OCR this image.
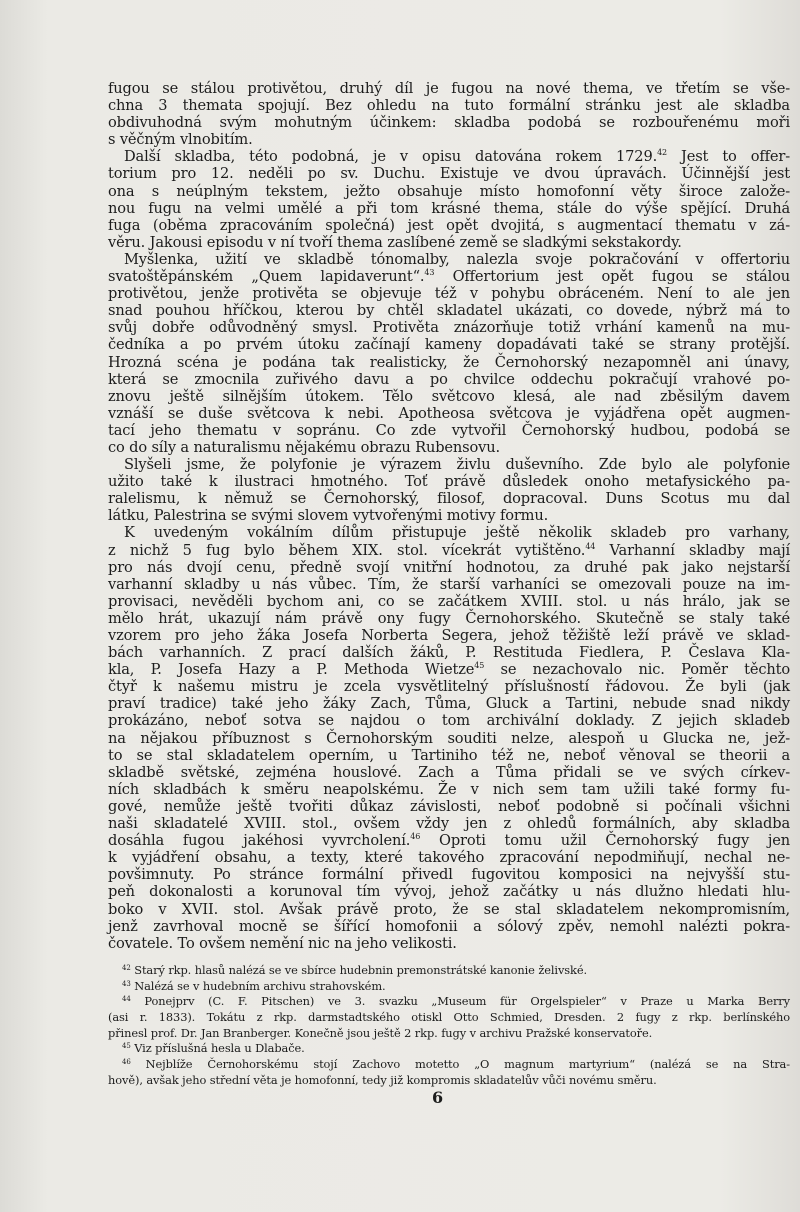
fugou se stálou protivětou, druhý díl je fugou na nové thema, ve třetím se vše-
chna 3 themata spojují. Bez ohledu na tuto formální stránku jest ale skladba
obdivuhodná svým mohutným účinkem: skladba podobá se rozbouřenému moři
s věčným vlnobitím.
Další skladba, této podobná, je v opisu datována rokem 1729.42 Jest to offer-
torium pro 12. neděli po sv. Duchu. Existuje ve dvou úpravách. Účinnější jest
ona s neúplným tekstem, ježto obsahuje místo homofonní věty široce založe-
nou fugu na velmi umělé a při tom krásné thema, stále do výše spějící. Druhá
fuga (oběma zpracováním společná) jest opět dvojitá, s augmentací thematu v zá-
věru. Jakousi episodu v ní tvoří thema zaslíbené země se sladkými sekstakordy.
Myšlenka, užití ve skladbě tónomalby, nalezla svoje pokračování v offertoriu
svatoštěpánském „Quem lapidaverunt“.$^{43}$ Offertorium jest opět fugou se stálou
protivětou, jenže protivěta se objevuje též v pohybu obráceném. Není to ale jen
snad pouhou hříčkou, kterou by chtěl skladatel ukázati, co dovede, nýbrž má to
svůj dobře odůvodněný smysl. Protivěta znázorňuje totiž vrhání kamenů na mu-
čedníka a po prvém útoku začínají kameny dopadávati také se strany protější.
Hrozná scéna je podána tak realisticky, že Černohorský nezapomněl ani únavy,
která se zmocnila zuřivého davu a po chvilce oddechu pokračují vrahové po-
znovu ještě silnějším útokem. Tělo světcovo klesá, ale nad zběsilým davem
vznáší se duše světcova k nebi. Apotheosa světcova je vyjádřena opět augmen-
tací jeho thematu v sopránu. Co zde vytvořil Černohorský hudbou, podobá se
co do síly a naturalismu nějakému obrazu Rubensovu.
Slyšeli jsme, že polyfonie je výrazem živlu duševního. Zde bylo ale polyfonie
užito také k ilustraci hmotného. Toť právě důsledek onoho metafysického pa-
ralelismu, k němuž se Černohorský, filosof, dopracoval. Duns Scotus mu dal
látku, Palestrina se svými slovem vytvořenými motivy formu.
K uvedeným vokálním dílům přistupuje ještě několik skladeb pro varhany,
z nichž 5 fug bylo během XIX. stol. vícekrát vytištěno.$^{44}$ Varhanní skladby mají
pro nás dvojí cenu, předně svojí vnitřní hodnotou, za druhé pak jako nejstarší
varhanní skladby u nás vůbec. Tím, že starší varhaníci se omezovali pouze na im-
provisaci, nevěděli bychom ani, co se začátkem XVIII. stol. u nás hrálo, jak se
mělo hrát, ukazují nám právě ony fugy Černohorského. Skutečně se staly také
vzorem pro jeho žáka Josefa Norberta Segera, jehož těžiště leží právě ve sklad-
bách varhanních. Z prací dalších žáků, P. Restituda Fiedlera, P. Česlava Kla-
kla, P. Josefa Hazy a P. Methoda Wietze$^{45}$ se nezachovalo nic. Poměr těchto
čtyř k našemu mistru je zcela vysvětlitelný příslušností řádovou. Že byli (jak
praví tradice) také jeho žáky Zach, Tůma, Gluck a Tartini, nebude snad nikdy
prokázáno, neboť sotva se najdou o tom archivální doklady. Z jejich skladeb
na nějakou příbuznost s Černohorským souditi nelze, alespoň u Glucka ne, jež-
to se stal skladatelem operním, u Tartiniho též ne, neboť věnoval se theorii a
skladbě světské, zejména houslové. Zach a Tůma přidali se ve svých církev-
ních skladbách k směru neapolskému. Že v nich sem tam užili také formy fu-
gové, nemůže ještě tvořiti důkaz závislosti, neboť podobně si počínali všichni
naši skladatelé XVIII. stol., ovšem vždy jen z ohledů formálních, aby skladba
dosáhla fugou jakéhosi vyvrcholení.$^{46}$ Oproti tomu užil Černohorský fugy jen
k vyjádření obsahu, a texty, které takového zpracování nepodmiňují, nechal ne-
povšimnuty. Po stránce formální přivedl fugovitou komposici na nejvyšší stu-
peň dokonalosti a korunoval tím vývoj, jehož začátky u nás dlužno hledati hlu-
boko v XVII. stol. Avšak právě proto, že se stal skladatelem nekompromisním,
jenž zavrhoval mocně se šířící homofonii a sólový zpěv, nemohl nalézti pokra-
čovatele. To ovšem nemění nic na jeho velikosti.
$^{42}$ Starý rkp. hlasů nalézá se ve sbírce hudebnin premonstrátské kanonie želivské.
$^{43}$ Nalézá se v hudebním archivu strahovském.
$^{44}$ Ponejprv (C. F. Pitschen) ve 3. svazku „Museum für Orgelspieler“ v Praze u Marka Berry
(asi r. 1833). Tokátu z rkp. darmstadtského otiskl Otto Schmied, Dresden. 2 fugy z rkp. berlínského
přinesl prof. Dr. Jan Branberger. Konečně jsou ještě 2 rkp. fugy v archivu Pražské konservatoře.
$^{45}$ Viz příslušná hesla u Dlabače.
$^{46}$ Nejblíže Černohorskému stojí Zachovo motetto „O magnum martyrium“ (nalézá se na Stra-
hově), avšak jeho střední věta je homofonní, tedy již kompromis skladatelův vůči novému směru.
6
